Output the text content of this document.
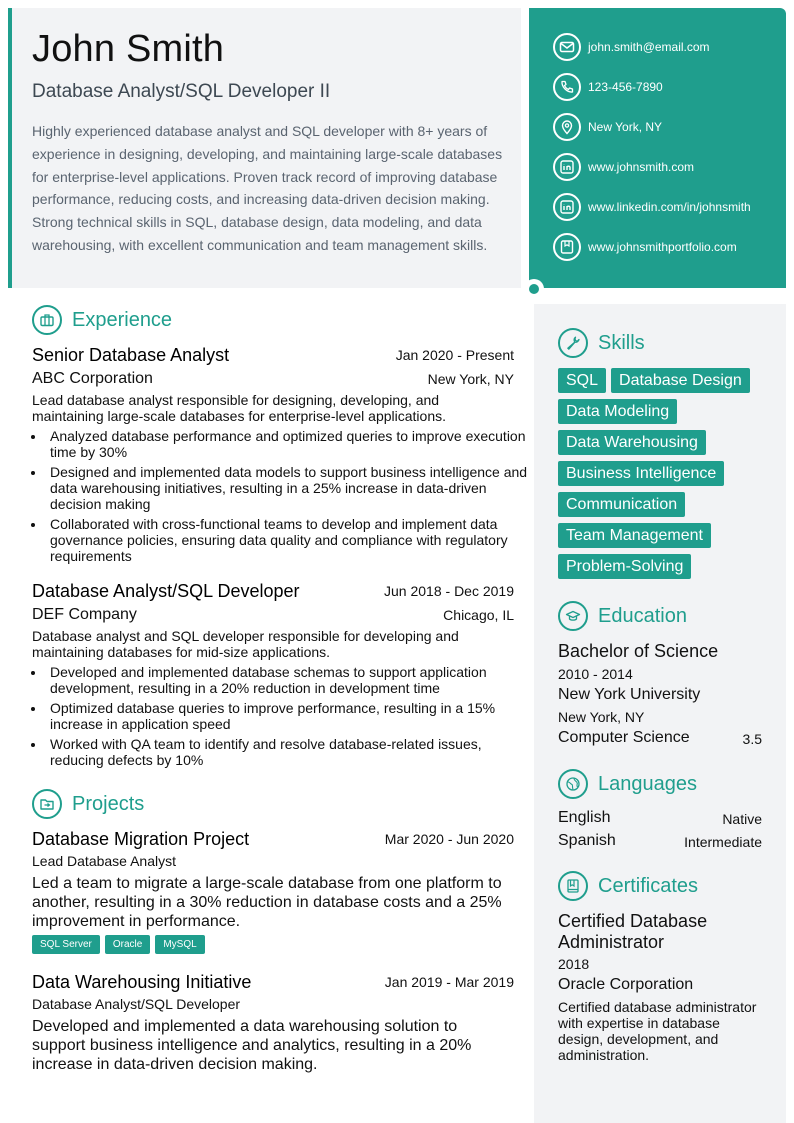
John Smith
Database Analyst/SQL Developer II
Highly experienced database analyst and SQL developer with 8+ years of experience in designing, developing, and maintaining large-scale databases for enterprise-level applications. Proven track record of improving database performance, reducing costs, and increasing data-driven decision making. Strong technical skills in SQL, database design, data modeling, and data warehousing, with excellent communication and team management skills.
john.smith@email.com
123-456-7890
New York, NY
www.johnsmith.com
www.linkedin.com/in/johnsmith
www.johnsmithportfolio.com
Experience
Senior Database Analyst	Jan 2020 - Present
ABC Corporation	New York, NY
Lead database analyst responsible for designing, developing, and maintaining large-scale databases for enterprise-level applications.
• Analyzed database performance and optimized queries to improve execution time by 30%
• Designed and implemented data models to support business intelligence and data warehousing initiatives, resulting in a 25% increase in data-driven decision making
• Collaborated with cross-functional teams to develop and implement data governance policies, ensuring data quality and compliance with regulatory requirements
Database Analyst/SQL Developer	Jun 2018 - Dec 2019
DEF Company	Chicago, IL
Database analyst and SQL developer responsible for developing and maintaining databases for mid-size applications.
• Developed and implemented database schemas to support application development, resulting in a 20% reduction in development time
• Optimized database queries to improve performance, resulting in a 15% increase in application speed
• Worked with QA team to identify and resolve database-related issues, reducing defects by 10%
Projects
Database Migration Project	Mar 2020 - Jun 2020
Lead Database Analyst
Led a team to migrate a large-scale database from one platform to another, resulting in a 30% reduction in database costs and a 25% improvement in performance.
SQL Server Oracle MySQL
Data Warehousing Initiative	Jan 2019 - Mar 2019
Database Analyst/SQL Developer
Developed and implemented a data warehousing solution to support business intelligence and analytics, resulting in a 20% increase in data-driven decision making.
Skills
SQL Database Design
Data Modeling
Data Warehousing
Business Intelligence
Communication
Team Management
Problem-Solving
Education
Bachelor of Science
2010 - 2014
New York University
New York, NY
Computer Science	3.5
Languages
English	Native
Spanish	Intermediate
Certificates
Certified Database Administrator
2018
Oracle Corporation
Certified database administrator with expertise in database design, development, and administration.
